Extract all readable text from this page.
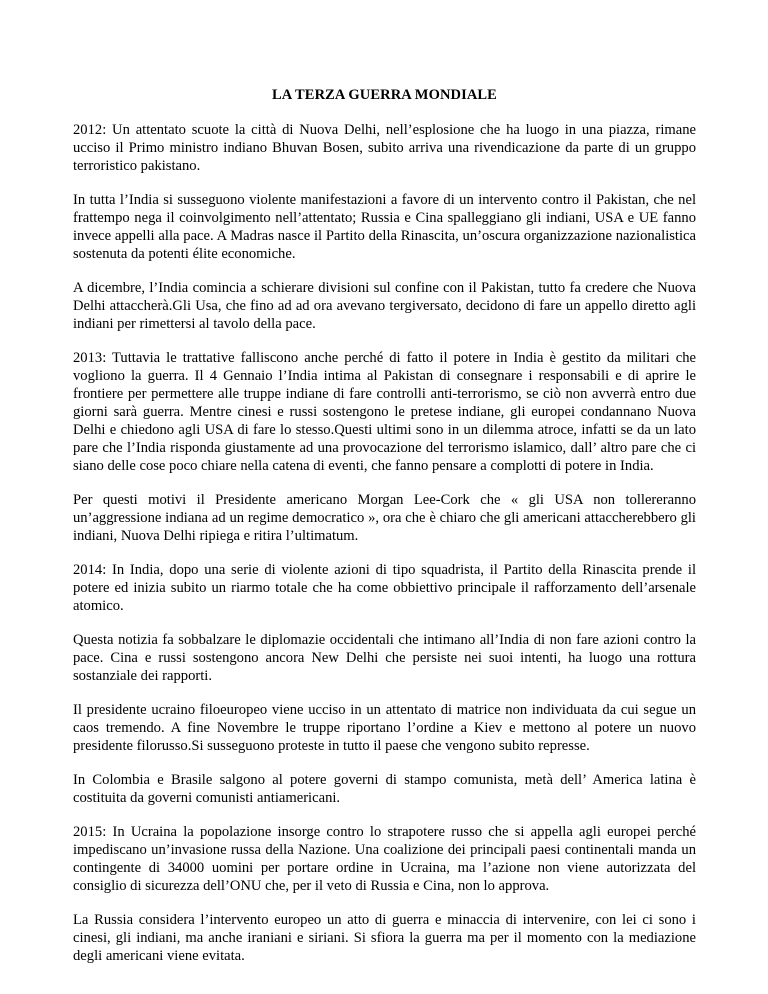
LA TERZA GUERRA MONDIALE

2012: Un attentato scuote la città di Nuova Delhi, nell’esplosione che ha luogo in una piazza, rimane ucciso il Primo ministro indiano Bhuvan Bosen, subito arriva una rivendicazione da parte di un gruppo terroristico pakistano.

In tutta l’India si susseguono violente manifestazioni a favore di un intervento contro il Pakistan, che nel frattempo nega il coinvolgimento nell’attentato; Russia e Cina spalleggiano gli indiani, USA e UE fanno invece appelli alla pace. A Madras nasce il Partito della Rinascita, un’oscura organizzazione nazionalistica sostenuta da potenti élite economiche.

A dicembre, l’India comincia a schierare divisioni sul confine con il Pakistan, tutto fa credere che Nuova Delhi attaccherà.Gli Usa, che fino ad ad ora avevano tergiversato, decidono di fare un appello diretto agli indiani per rimettersi al tavolo della pace.

2013: Tuttavia le trattative falliscono anche perché di fatto il potere in India è gestito da militari che vogliono la guerra. Il 4 Gennaio l’India intima al Pakistan di consegnare i responsabili e di aprire le frontiere per permettere alle truppe indiane di fare controlli anti-terrorismo, se ciò non avverrà entro due giorni sarà guerra. Mentre cinesi e russi sostengono le pretese indiane, gli europei condannano Nuova Delhi e chiedono agli USA di fare lo stesso.Questi ultimi sono in un dilemma atroce, infatti se da un lato pare che l’India risponda giustamente ad una provocazione del terrorismo islamico, dall’ altro pare che ci siano delle cose poco chiare nella catena di eventi, che fanno pensare a complotti di potere in India.

Per questi motivi il Presidente americano Morgan Lee-Cork che « gli USA non tollereranno un’aggressione indiana ad un regime democratico », ora che è chiaro che gli americani attaccherebbero gli indiani, Nuova Delhi ripiega e ritira l’ultimatum.

2014: In India, dopo una serie di violente azioni di tipo squadrista, il Partito della Rinascita prende il potere ed inizia subito un riarmo totale che ha come obbiettivo principale il rafforzamento dell’arsenale atomico.

Questa notizia fa sobbalzare le diplomazie occidentali che intimano all’India di non fare azioni contro la pace. Cina e russi sostengono ancora New Delhi che persiste nei suoi intenti, ha luogo una rottura sostanziale dei rapporti.

Il presidente ucraino filoeuropeo viene ucciso in un attentato di matrice non individuata da cui segue un caos tremendo. A fine Novembre le truppe riportano l’ordine a Kiev e mettono al potere un nuovo presidente filorusso.Si susseguono proteste in tutto il paese che vengono subito represse.

In Colombia e Brasile salgono al potere governi di stampo comunista, metà dell’ America latina è costituita da governi comunisti antiamericani.

2015: In Ucraina la popolazione insorge contro lo strapotere russo che si appella agli europei perché impediscano un’invasione russa della Nazione. Una coalizione dei principali paesi continentali manda un contingente di 34000 uomini per portare ordine in Ucraina, ma l’azione non viene autorizzata del consiglio di sicurezza dell’ONU che, per il veto di Russia e Cina, non lo approva.

La Russia considera l’intervento europeo un atto di guerra e minaccia di intervenire, con lei ci sono i cinesi, gli indiani, ma anche iraniani e siriani. Si sfiora la guerra ma per il momento con la mediazione degli americani viene evitata.
